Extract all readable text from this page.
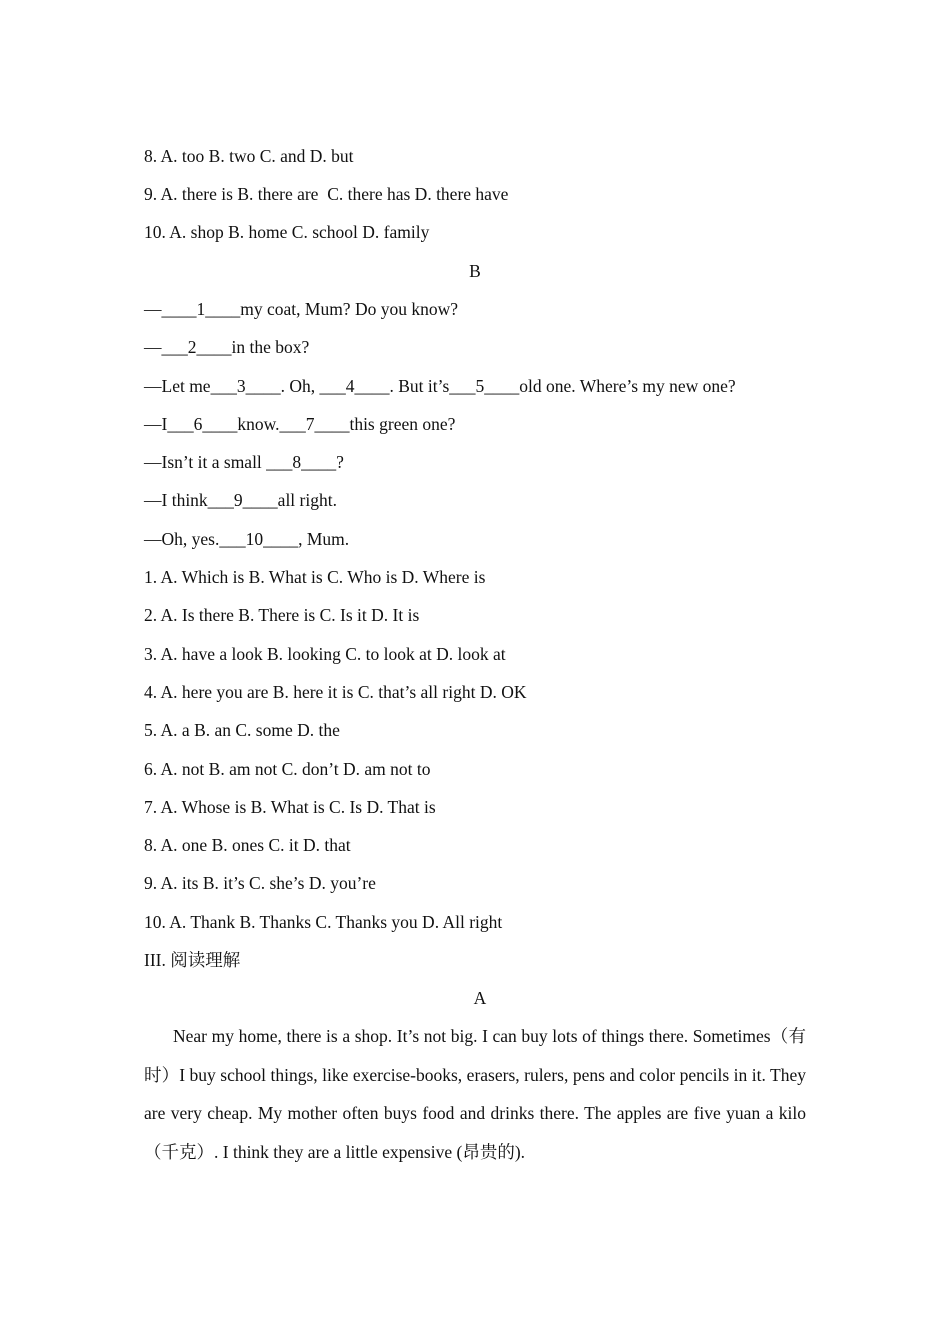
8. A. too B. two C. and D. but
9. A. there is B. there are  C. there has D. there have
10. A. shop B. home C. school D. family
B
—____1____my coat, Mum? Do you know?
—___2____in the box?
—Let me___3____. Oh, ___4____. But it’s___5____old one. Where’s my new one?
—I___6____know.___7____this green one?
—Isn’t it a small ___8____?
—I think___9____all right.
—Oh, yes.___10____, Mum.
1. A. Which is B. What is C. Who is D. Where is
2. A. Is there B. There is C. Is it D. It is
3. A. have a look B. looking C. to look at D. look at
4. A. here you are B. here it is C. that’s all right D. OK
5. A. a B. an C. some D. the
6. A. not B. am not C. don’t D. am not to
7. A. Whose is B. What is C. Is D. That is
8. A. one B. ones C. it D. that
9. A. its B. it’s C. she’s D. you’re
10. A. Thank B. Thanks C. Thanks you D. All right
III. 阅读理解
A
Near my home, there is a shop. It’s not big. I can buy lots of things there. Sometimes（有时）I buy school things, like exercise-books, erasers, rulers, pens and color pencils in it. They are very cheap. My mother often buys food and drinks there. The apples are five yuan a kilo（千克）. I think they are a little expensive (昂贵的).
